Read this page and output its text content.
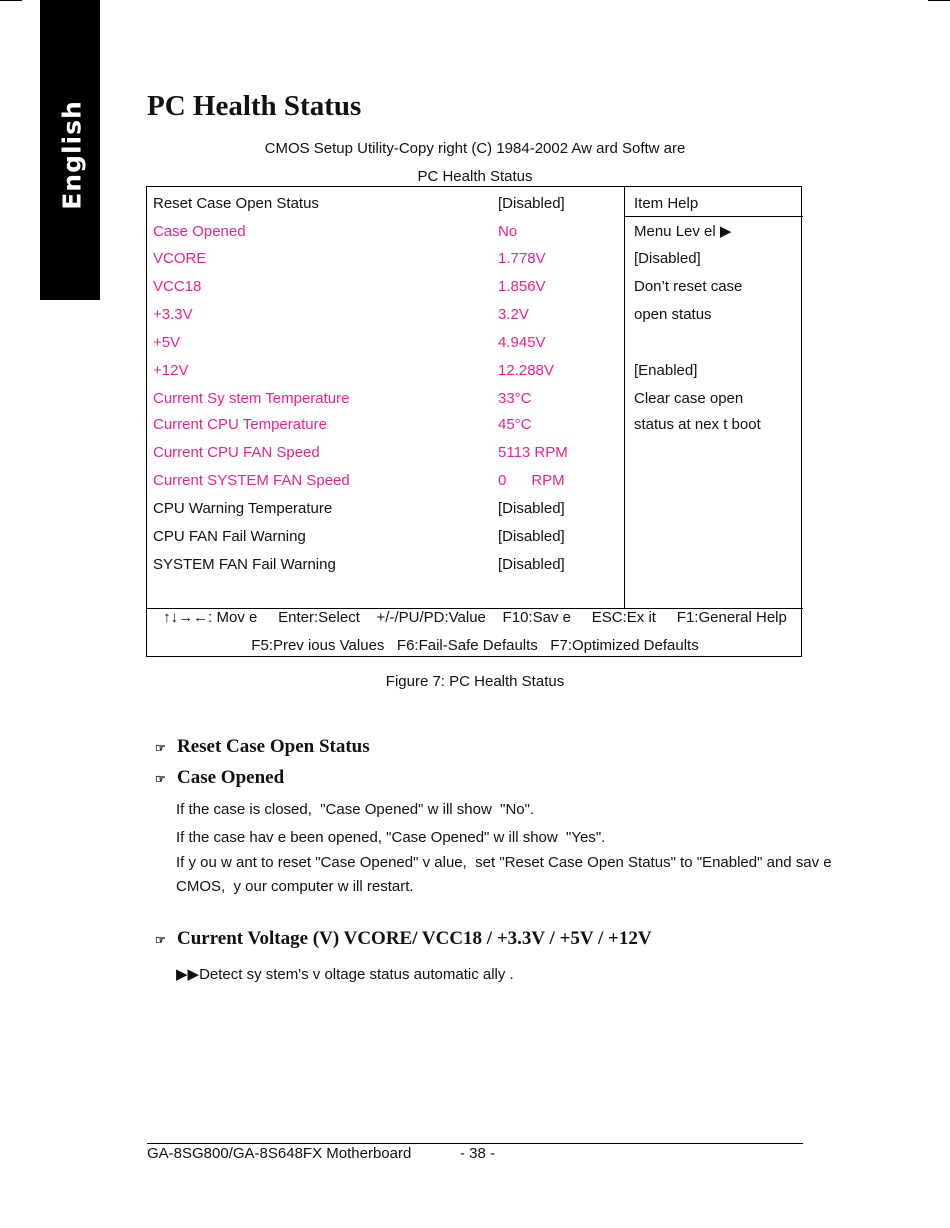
English PC Health Status
CMOS Setup Utility-Copy right (C) 1984-2002 Aw ard Softw are
PC Health Status
Reset Case Open Status	[Disabled]
Case Opened	No
VCORE	1.778V
VCC18	1.856V
+3.3V	3.2V
+5V	4.945V
+12V	12.288V
Current Sy stem Temperature	33°C
Current CPU Temperature	45°C
Current CPU FAN Speed	5113 RPM
Current SYSTEM FAN Speed	0      RPM
CPU Warning Temperature	[Disabled]
CPU FAN Fail Warning	[Disabled]
SYSTEM FAN Fail Warning	[Disabled]
Item Help
Menu Lev el ▶
[Disabled]
Don’t reset case
open status
[Enabled]
Clear case open
status at nex t boot
↑↓→←: Mov e     Enter:Select    +/-/PU/PD:Value    F10:Sav e     ESC:Ex it     F1:General Help
F5:Prev ious Values   F6:Fail-Safe Defaults   F7:Optimized Defaults
Figure 7: PC Health Status
☞ Reset Case Open Status
☞ Case Opened
If the case is closed,  "Case Opened" w ill show  "No".
If the case hav e been opened, "Case Opened" w ill show  "Yes".
If y ou w ant to reset "Case Opened" v alue,  set "Reset Case Open Status" to "Enabled" and sav e
CMOS,  y our computer w ill restart.
☞ Current Voltage (V) VCORE/ VCC18 / +3.3V / +5V / +12V
▶▶Detect sy stem's v oltage status automatic ally .
GA-8SG800/GA-8S648FX Motherboard	- 38 -
